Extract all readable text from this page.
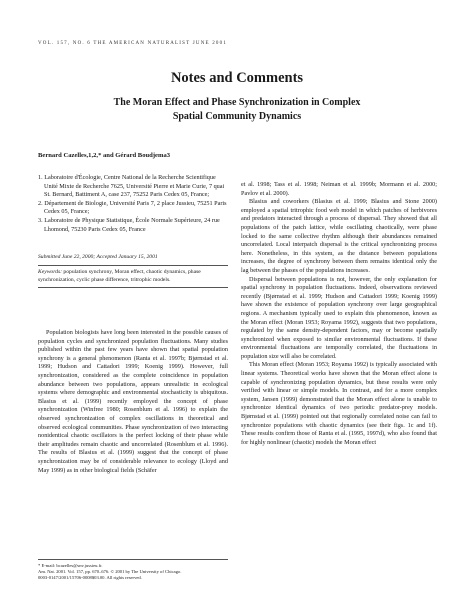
VOL. 157, NO. 6 THE AMERICAN NATURALIST JUNE 2001
Notes and Comments
The Moran Effect and Phase Synchronization in Complex
Spatial Community Dynamics
Bernard Cazelles,1,2,* and Gérard Boudjema3

1. Laboratoire d'Écologie, Centre National de la Recherche Scientifique Unité Mixte de Recherche 7625, Université Pierre et Marie Curie, 7 quai St. Bernard, Battiment A, case 237, 75252 Paris Cedex 05, France;

2. Département de Biologie, Université Paris 7, 2 place Jussieu, 75251 Paris Cedex 05, France;

3. Laboratoire de Physique Statistique, École Normale Supérieure, 24 rue Lhomond, 75230 Paris Cedex 05, France

Submitted June 22, 2000; Accepted January 15, 2001
Keywords: population synchrony, Moran effect, chaotic dynamics, phase synchronization, cyclic phase difference, tritrophic models.

Population biologists have long been interested in the possible causes of population cycles and synchronized population fluctuations. Many studies published within the past few years have shown that spatial population synchrony is a general phenomenon (Ranta et al. 1997b; Bjørnstad et al. 1999; Hudson and Cattadori 1999; Koenig 1999). However, full synchronization, considered as the complete coincidence in population abundance between two populations, appears unrealistic in ecological systems where demographic and environmental stochasticity is ubiquitous. Blasius et al. (1999) recently employed the concept of phase synchronization (Winfree 1980; Rosenblum et al. 1996) to explain the observed synchronization of complex oscillations in theoretical and observed ecological communities. Phase synchronization of two interacting nonidentical chaotic oscillators is the perfect locking of their phase while their amplitudes remain chaotic and uncorrelated (Rosenblum et al. 1996). The results of Blasius et al. (1999) suggest that the concept of phase synchronization may be of considerable relevance to ecology (Lloyd and May 1999) as in other biological fields (Schäfer

* E-mail: bcazelles@snv.jussieu.fr.

Am. Nat. 2001. Vol. 157, pp. 670–676. © 2001 by The University of Chicago.

0003-0147/2001/15706-0008$03.00. All rights reserved.

et al. 1998; Tass et al. 1998; Neiman et al. 1999b; Mormann et al. 2000; Pavlov et al. 2000).

Blasius and coworkers (Blasius et al. 1999; Blasius and Stone 2000) employed a spatial tritrophic food web model in which patches of herbivores and predators interacted through a process of dispersal. They showed that all populations of the patch lattice, while oscillating chaotically, were phase locked to the same collective rhythm although their abundances remained uncorrelated. Local interpatch dispersal is the critical synchronizing process here. Nonetheless, in this system, as the distance between populations increases, the degree of synchrony between them remains identical only the lag between the phases of the populations increases.

Dispersal between populations is not, however, the only explanation for spatial synchrony in population fluctuations. Indeed, observations reviewed recently (Bjørnstad et al. 1999; Hudson and Cattadori 1999; Koenig 1999) have shown the existence of population synchrony over large geographical regions. A mechanism typically used to explain this phenomenon, known as the Moran effect (Moran 1953; Royama 1992), suggests that two populations, regulated by the same density-dependent factors, may or become spatially synchronized when exposed to similar environmental fluctuations. If these environmental fluctuations are temporally correlated, the fluctuations in population size will also be correlated.

This Moran effect (Moran 1953; Royama 1992) is typically associated with linear systems. Theoretical works have shown that the Moran effect alone is capable of synchronizing population dynamics, but these results were only verified with linear or simple models. In contrast, and for a more complex system, Jansen (1999) demonstrated that the Moran effect alone is unable to synchronize identical dynamics of two periodic predator-prey models. Bjørnstad et al. (1999) pointed out that regionally correlated noise can fail to synchronize populations with chaotic dynamics (see their figs. 1c and 1f). These results confirm those of Ranta et al. (1995, 1997d), who also found that for highly nonlinear (chaotic) models the Moran effect
